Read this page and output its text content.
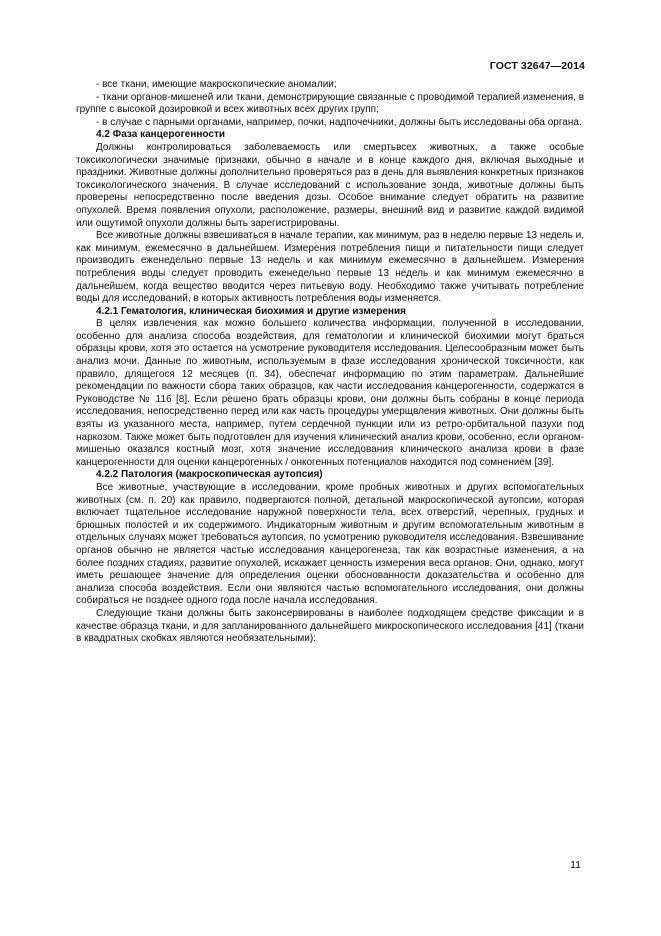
ГОСТ 32647—2014

- все ткани, имеющие макроскопические аномалии;

- ткани органов-мишеней или ткани, демонстрирующие связанные с проводимой терапией изменения, в группе с высокой дозировкой и всех животных всех других групп;

- в случае с парными органами, например, почки, надпочечники, должны быть исследованы оба органа.

4.2 Фаза канцерогенности

Должны контролироваться заболеваемость или смертьвсех животных, а также особые токсикологически значимые признаки, обычно в начале и в конце каждого дня, включая выходные и праздники. Животные должны дополнительно проверяться раз в день для выявления конкретных признаков токсикологического значения. В случае исследований с использование зонда, животные должны быть проверены непосредственно после введения дозы. Особое внимание следует обратить на развитие опухолей. Время появления опухоли, расположение, размеры, внешний вид и развитие каждой видимой или ощутимой опухоли должны быть зарегистрированы.

Все животные должны взвешиваться в начале терапии, как минимум, раз в неделю первые 13 недель и, как минимум, ежемесячно в дальнейшем. Измерения потребления пищи и питательности пищи следует производить еженедельно первые 13 недель и как минимум ежемесячно в дальнейшем. Измерения потребления воды следует проводить еженедельно первые 13 недель и как минимум ежемесячно в дальнейшем, когда вещество вводится через питьевую воду. Необходимо также учитывать потребление воды для исследований, в которых активность потребления воды изменяется.

4.2.1 Гематология, клиническая биохимия и другие измерения

В целях извлечения как можно большего количества информации, полученной в исследовании, особенно для анализа способа воздействия, для гематологии и клинической биохимии могут браться образцы крови, хотя это остается на усмотрение руководителя исследования. Целесообразным может быть анализ мочи. Данные по животным, используемым в фазе исследования хронической токсичности, как правило, длящегося 12 месяцев (п. 34), обеспечат информацию по этим параметрам. Дальнейшие рекомендации по важности сбора таких образцов, как части исследования канцерогенности, содержатся в Руководстве № 116 [8]. Если решено брать образцы крови, они должны быть собраны в конце периода исследования, непосредственно перед или как часть процедуры умерщвления животных. Они должны быть взяты из указанного места, например, путем сердечной пункции или из ретро-орбитальной пазухи под наркозом. Также может быть подготовлен для изучения клинический анализ крови, особенно, если органом-мишенью оказался костный мозг, хотя значение исследования клинического анализа крови в фазе канцерогенности для оценки канцерогенных / онкогенных потенциалов находится под сомнением [39].

4.2.2 Патология (макроскопическая аутопсия)

Все животные, участвующие в исследовании, кроме пробных животных и других вспомогательных животных (см. п. 20) как правило, подвергаются полной, детальной макроскопической аутопсии, которая включает тщательное исследование наружной поверхности тела, всех отверстий, черепных, грудных и брюшных полостей и их содержимого. Индикаторным животным и другим вспомогательным животным в отдельных случаях может требоваться аутопсия, по усмотрению руководителя исследования. Взвешивание органов обычно не является частью исследования канцерогенеза, так как возрастные изменения, а на более поздних стадиях, развитие опухолей, искажает ценность измерения веса органов. Они, однако, могут иметь решающее значение для определения оценки обоснованности доказательства и особенно для анализа способа воздействия. Если они являются частью вспомогательного исследования, они должны собираться не позднее одного года после начала исследования.

Следующие ткани должны быть законсервированы в наиболее подходящем средстве фиксации и в качестве образца ткани, и для запланированного дальнейшего микроскопического исследования [41] (ткани в квадратных скобках являются необязательными):

11
